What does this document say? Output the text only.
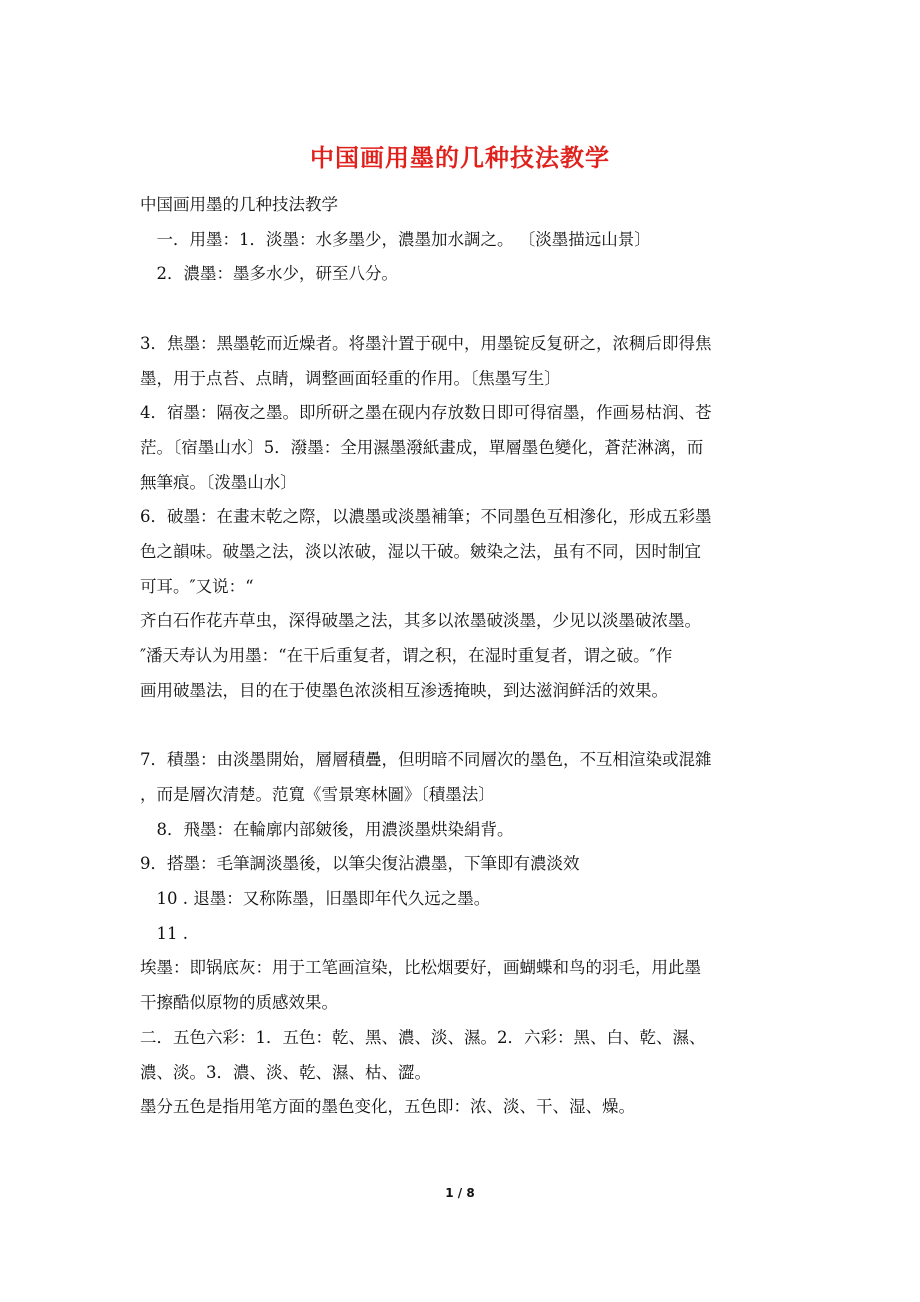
中国画用墨的几种技法教学

中国画用墨的几种技法教学

　一．用墨：1．淡墨：水多墨少，濃墨加水調之。 〔淡墨描远山景〕

　2．濃墨：墨多水少，研至八分。

3．焦墨：黑墨乾而近燥者。将墨汁置于砚中，用墨锭反复研之，浓稠后即得焦

墨，用于点苔、点睛，调整画面轻重的作用。〔焦墨写生〕

4．宿墨：隔夜之墨。即所研之墨在砚内存放数日即可得宿墨，作画易枯润、苍

茫。〔宿墨山水〕5．潑墨：全用濕墨潑紙畫成，單層墨色變化，蒼茫淋漓，而

無筆痕。〔泼墨山水〕

6．破墨：在畫末乾之際，以濃墨或淡墨補筆；不同墨色互相滲化，形成五彩墨

色之韻味。破墨之法，淡以浓破，湿以干破。皴染之法，虽有不同，因时制宜

可耳。″又说：“

齐白石作花卉草虫，深得破墨之法，其多以浓墨破淡墨，少见以淡墨破浓墨。

″潘天寿认为用墨：“在干后重复者，谓之积，在湿时重复者，谓之破。″作

画用破墨法，目的在于使墨色浓淡相互渗透掩映，到达滋润鲜活的效果。

7．積墨：由淡墨開始，層層積疊，但明暗不同層次的墨色，不互相渲染或混雜

，而是層次清楚。范寬《雪景寒林圖》〔積墨法〕

　8．飛墨：在輪廓内部皴後，用濃淡墨烘染絹背。

9．搭墨：毛筆調淡墨後，以筆尖復沾濃墨，下筆即有濃淡效

　10 . 退墨：又称陈墨，旧墨即年代久远之墨。

　11 .

埃墨：即锅底灰：用于工笔画渲染，比松烟要好，画蝴蝶和鸟的羽毛，用此墨

干擦酷似原物的质感效果。

二．五色六彩：1．五色：乾、黑、濃、淡、濕。2．六彩：黑、白、乾、濕、

濃、淡。3．濃、淡、乾、濕、枯、澀。

墨分五色是指用笔方面的墨色变化，五色即：浓、淡、干、湿、燥。

1 / 8
